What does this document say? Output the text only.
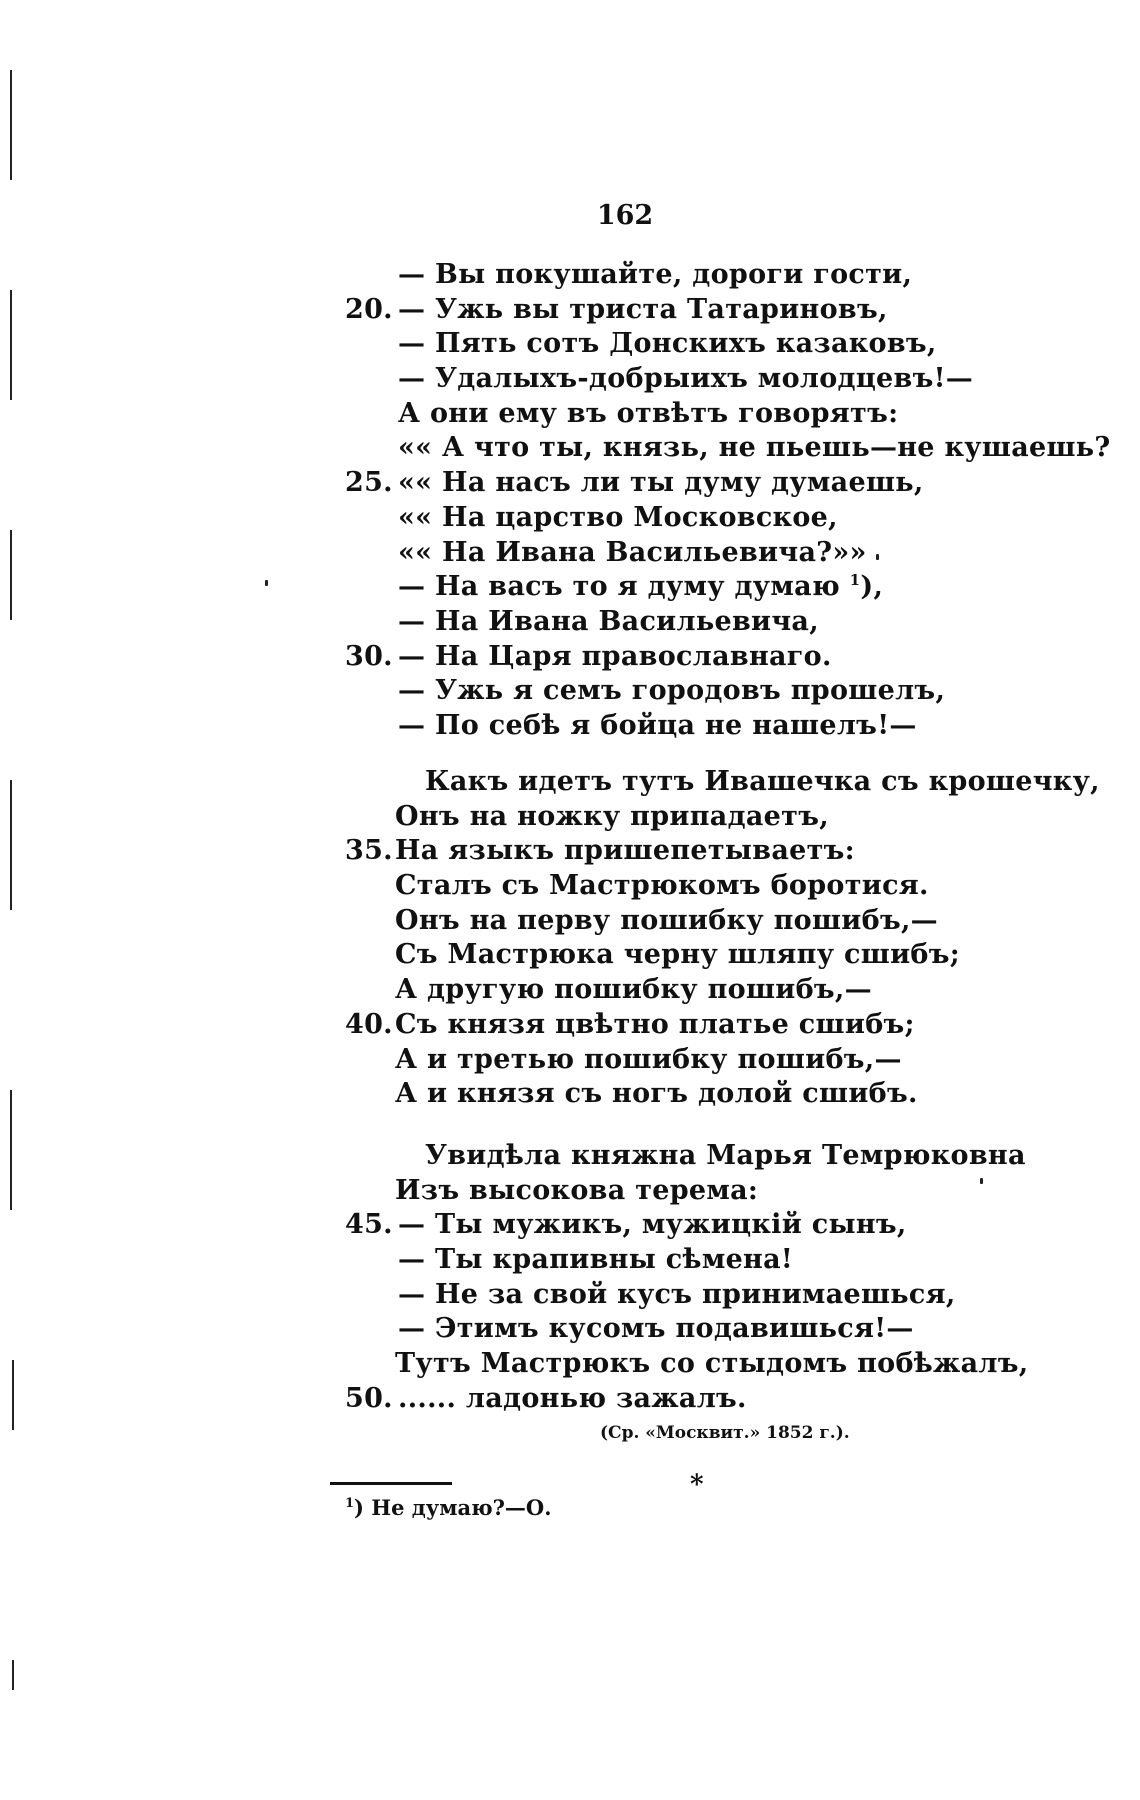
162
— Вы покушайте, дороги гости,
20. — Ужь вы триста Татариновъ,
— Пять сотъ Донскихъ казаковъ,
— Удалыхъ-добрыихъ молодцевъ!—
А они ему въ отвѣтъ говорятъ:
«« А что ты, князь, не пьешь—не кушаешь?
25. «« На насъ ли ты думу думаешь,
«« На царство Московское,
«« На Ивана Васильевича?»»
— На васъ то я думу думаю $^1$),
— На Ивана Васильевича,
30. — На Царя православнаго.
— Ужь я семъ городовъ прошелъ,
— По себѣ я бойца не нашелъ!—
Какъ идетъ тутъ Ивашечка съ крошечку,
Онъ на ножку припадаетъ,
35. На языкъ пришепетываетъ:
Сталъ съ Мастрюкомъ боротися.
Онъ на перву пошибку пошибъ,—
Съ Мастрюка черну шляпу сшибъ;
А другую пошибку пошибъ,—
40. Съ князя цвѣтно платье сшибъ;
А и третью пошибку пошибъ,—
А и князя съ ногъ долой сшибъ.
Увидѣла княжна Марья Темрюковна
Изъ высокова терема:
45. — Ты мужикъ, мужицкій сынъ,
— Ты крапивны сѣмена!
— Не за свой кусъ принимаешься,
— Этимъ кусомъ подавишься!—
Тутъ Мастрюкъ со стыдомъ побѣжалъ,
50. ...... ладонью зажалъ.
(Ср. «Москвит.» 1852 г.).
*
$^1$) Не думаю?—О.
